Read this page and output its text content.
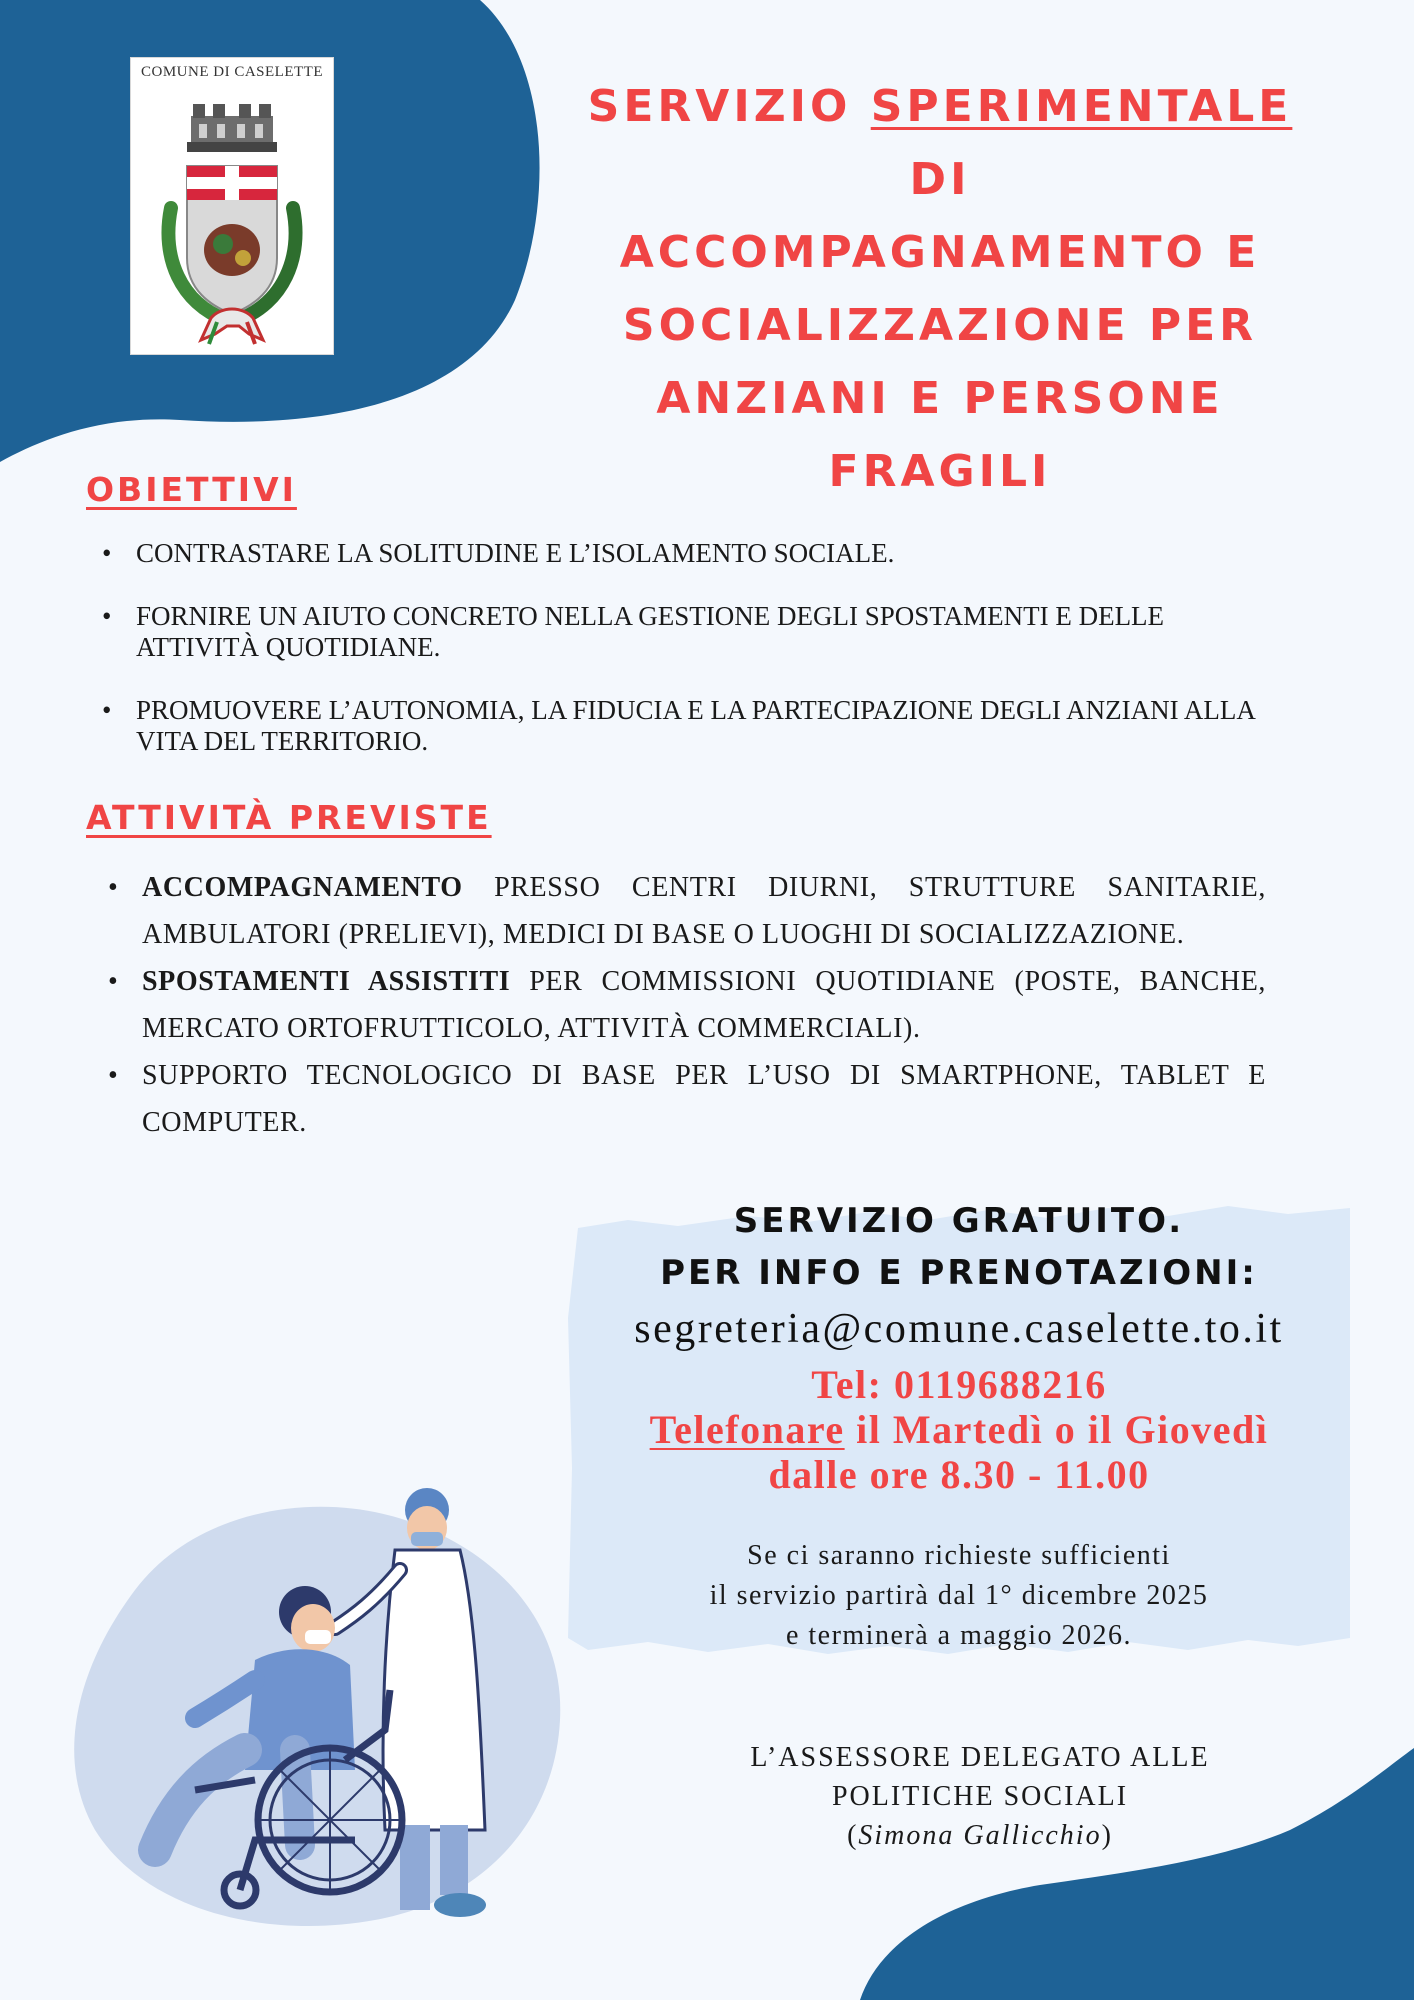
COMUNE DI CASELETTE
SERVIZIO SPERIMENTALE DI
ACCOMPAGNAMENTO E
SOCIALIZZAZIONE PER
ANZIANI E PERSONE FRAGILI
OBIETTIVI
• CONTRASTARE LA SOLITUDINE E L’ISOLAMENTO SOCIALE.
• FORNIRE UN AIUTO CONCRETO NELLA GESTIONE DEGLI SPOSTAMENTI E DELLE ATTIVITÀ QUOTIDIANE.
• PROMUOVERE L’AUTONOMIA, LA FIDUCIA E LA PARTECIPAZIONE DEGLI ANZIANI ALLA VITA DEL TERRITORIO.
ATTIVITÀ PREVISTE
• ACCOMPAGNAMENTO PRESSO CENTRI DIURNI, STRUTTURE SANITARIE, AMBULATORI (PRELIEVI), MEDICI DI BASE O LUOGHI DI SOCIALIZZAZIONE.
• SPOSTAMENTI ASSISTITI PER COMMISSIONI QUOTIDIANE (POSTE, BANCHE, MERCATO ORTOFRUTTICOLO, ATTIVITÀ COMMERCIALI).
• SUPPORTO TECNOLOGICO DI BASE PER L’USO DI SMARTPHONE, TABLET E COMPUTER.
SERVIZIO GRATUITO.
PER INFO E PRENOTAZIONI:
segreteria@comune.caselette.to.it
Tel: 0119688216
Telefonare il Martedì o il Giovedì
dalle ore 8.30 - 11.00
Se ci saranno richieste sufficienti
il servizio partirà dal 1° dicembre 2025
e terminerà a maggio 2026.
L’ASSESSORE DELEGATO ALLE
POLITICHE SOCIALI
(Simona Gallicchio)
